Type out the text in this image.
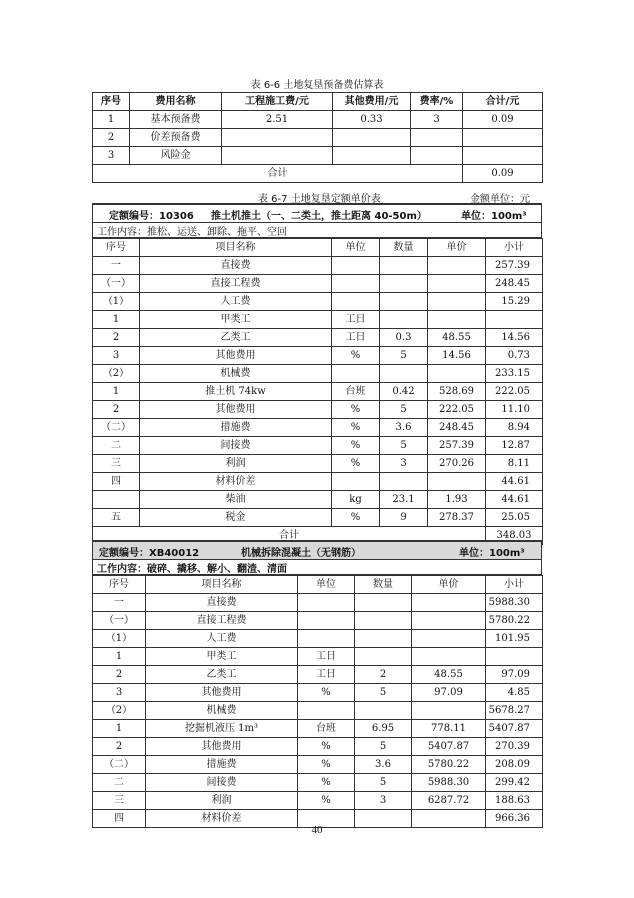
表 6-6 土地复垦预备费估算表
序号	费用名称	工程施工费/元	其他费用/元	费率/%	合计/元
1	基本预备费	2.51	0.33	3	0.09
2	价差预备费				
3	风险金				
合计					0.09
表 6-7 土地复垦定额单价表	金额单位：元
定额编号：10306 推土机推土（一、二类土，推土距离 40-50m）	单位：100m³
工作内容：推松、运送、卸除、拖平、空回
序号	项目名称	单位	数量	单价	小计
一	直接费				257.39
（一）	直接工程费				248.45
（1）	人工费				15.29
1	甲类工	工日			
2	乙类工	工日	0.3	48.55	14.56
3	其他费用	%	5	14.56	0.73
（2）	机械费				233.15
1	推土机 74kw	台班	0.42	528.69	222.05
2	其他费用	%	5	222.05	11.10
（二）	措施费	%	3.6	248.45	8.94
二	间接费	%	5	257.39	12.87
三	利润	%	3	270.26	8.11
四	材料价差				44.61
	柴油	kg	23.1	1.93	44.61
五	税金	%	9	278.37	25.05
合计					348.03
定额编号：XB40012	机械拆除混凝土（无钢筋）	单位：100m³
工作内容：破碎、撬移、解小、翻渣、清面
序号	项目名称	单位	数量	单价	小计
一	直接费				5988.30
（一）	直接工程费				5780.22
（1）	人工费				101.95
1	甲类工	工日			
2	乙类工	工日	2	48.55	97.09
3	其他费用	%	5	97.09	4.85
（2）	机械费				5678.27
1	挖掘机液压 1m³	台班	6.95	778.11	5407.87
2	其他费用	%	5	5407.87	270.39
（二）	措施费	%	3.6	5780.22	208.09
二	间接费	%	5	5988.30	299.42
三	利润	%	3	6287.72	188.63
四	材料价差				966.36
40
